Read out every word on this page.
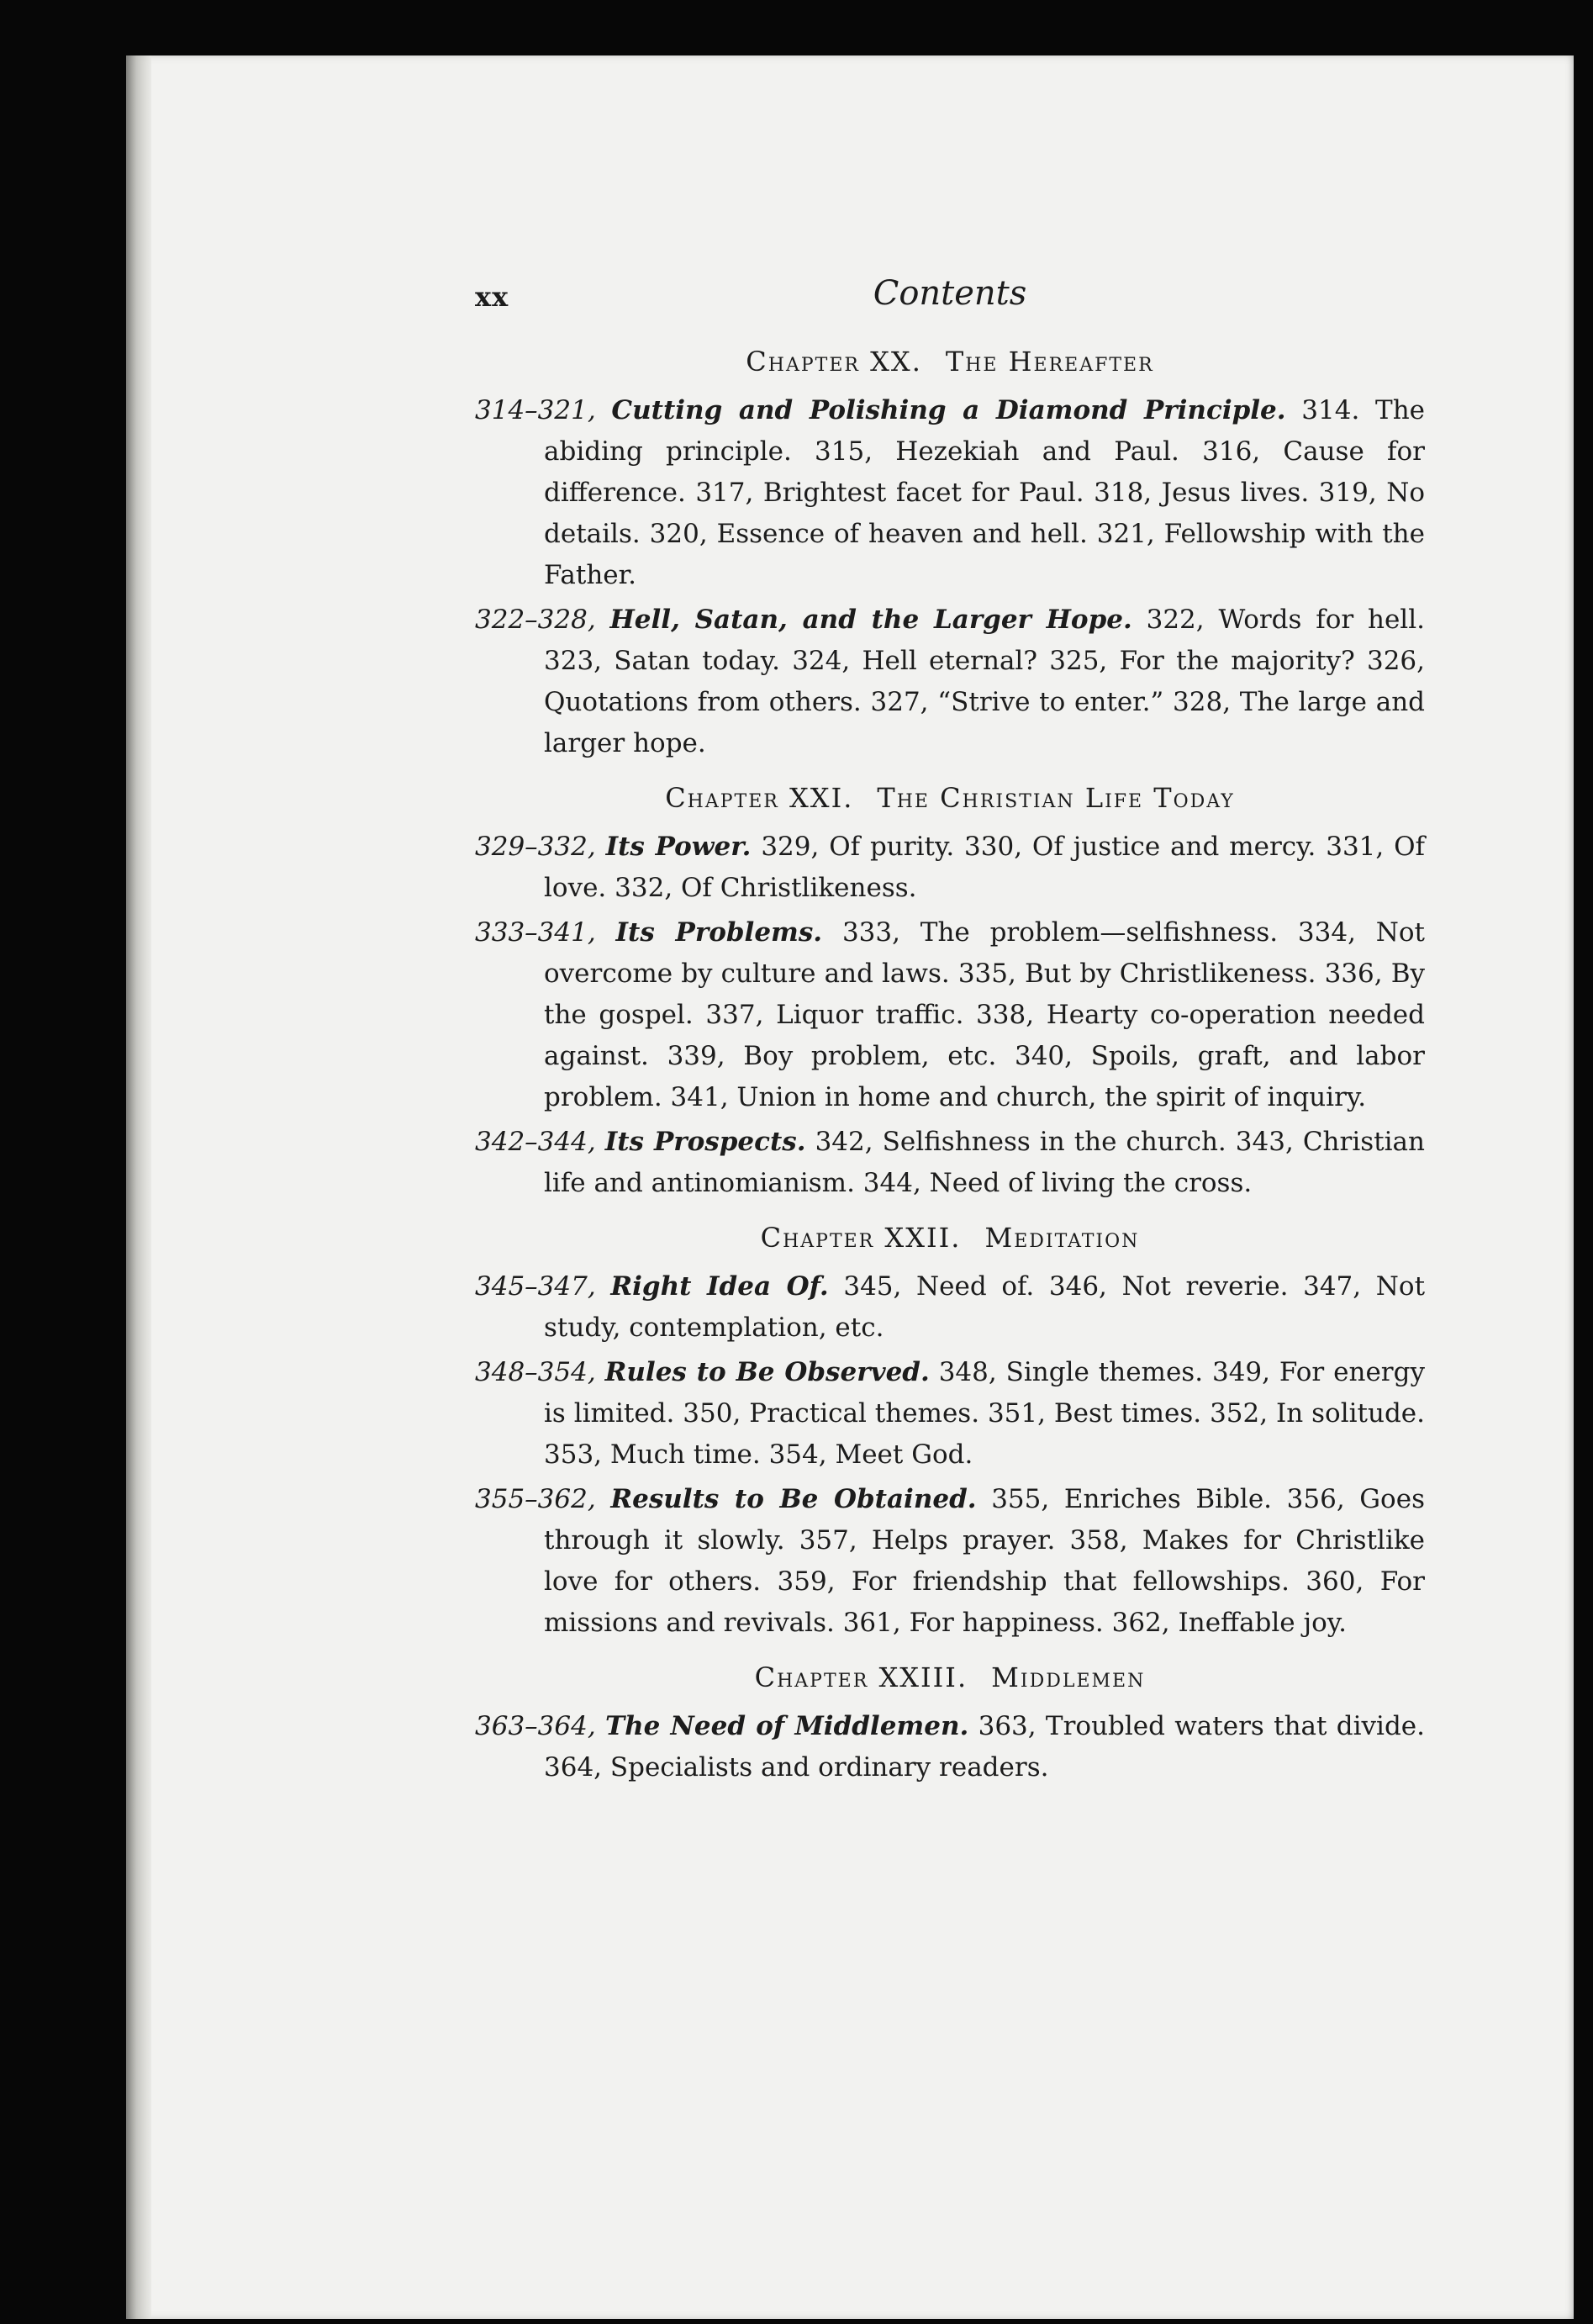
xx	Contents
Chapter XX. The Hereafter

314–321, Cutting and Polishing a Diamond Principle. 314. The abiding principle. 315, Hezekiah and Paul. 316, Cause for difference. 317, Brightest facet for Paul. 318, Jesus lives. 319, No details. 320, Essence of heaven and hell. 321, Fellowship with the Father.

322–328, Hell, Satan, and the Larger Hope. 322, Words for hell. 323, Satan today. 324, Hell eternal? 325, For the majority? 326, Quotations from others. 327, “Strive to enter.” 328, The large and larger hope.

Chapter XXI. The Christian Life Today

329–332, Its Power. 329, Of purity. 330, Of justice and mercy. 331, Of love. 332, Of Christlikeness.

333–341, Its Problems. 333, The problem—selfishness. 334, Not overcome by culture and laws. 335, But by Christlikeness. 336, By the gospel. 337, Liquor traffic. 338, Hearty co-operation needed against. 339, Boy problem, etc. 340, Spoils, graft, and labor problem. 341, Union in home and church, the spirit of inquiry.

342–344, Its Prospects. 342, Selfishness in the church. 343, Christian life and antinomianism. 344, Need of living the cross.

Chapter XXII. Meditation

345–347, Right Idea Of. 345, Need of. 346, Not reverie. 347, Not study, contemplation, etc.

348–354, Rules to Be Observed. 348, Single themes. 349, For energy is limited. 350, Practical themes. 351, Best times. 352, In solitude. 353, Much time. 354, Meet God.

355–362, Results to Be Obtained. 355, Enriches Bible. 356, Goes through it slowly. 357, Helps prayer. 358, Makes for Christlike love for others. 359, For friendship that fellowships. 360, For missions and revivals. 361, For happiness. 362, Ineffable joy.

Chapter XXIII. Middlemen

363–364, The Need of Middlemen. 363, Troubled waters that divide. 364, Specialists and ordinary readers.
